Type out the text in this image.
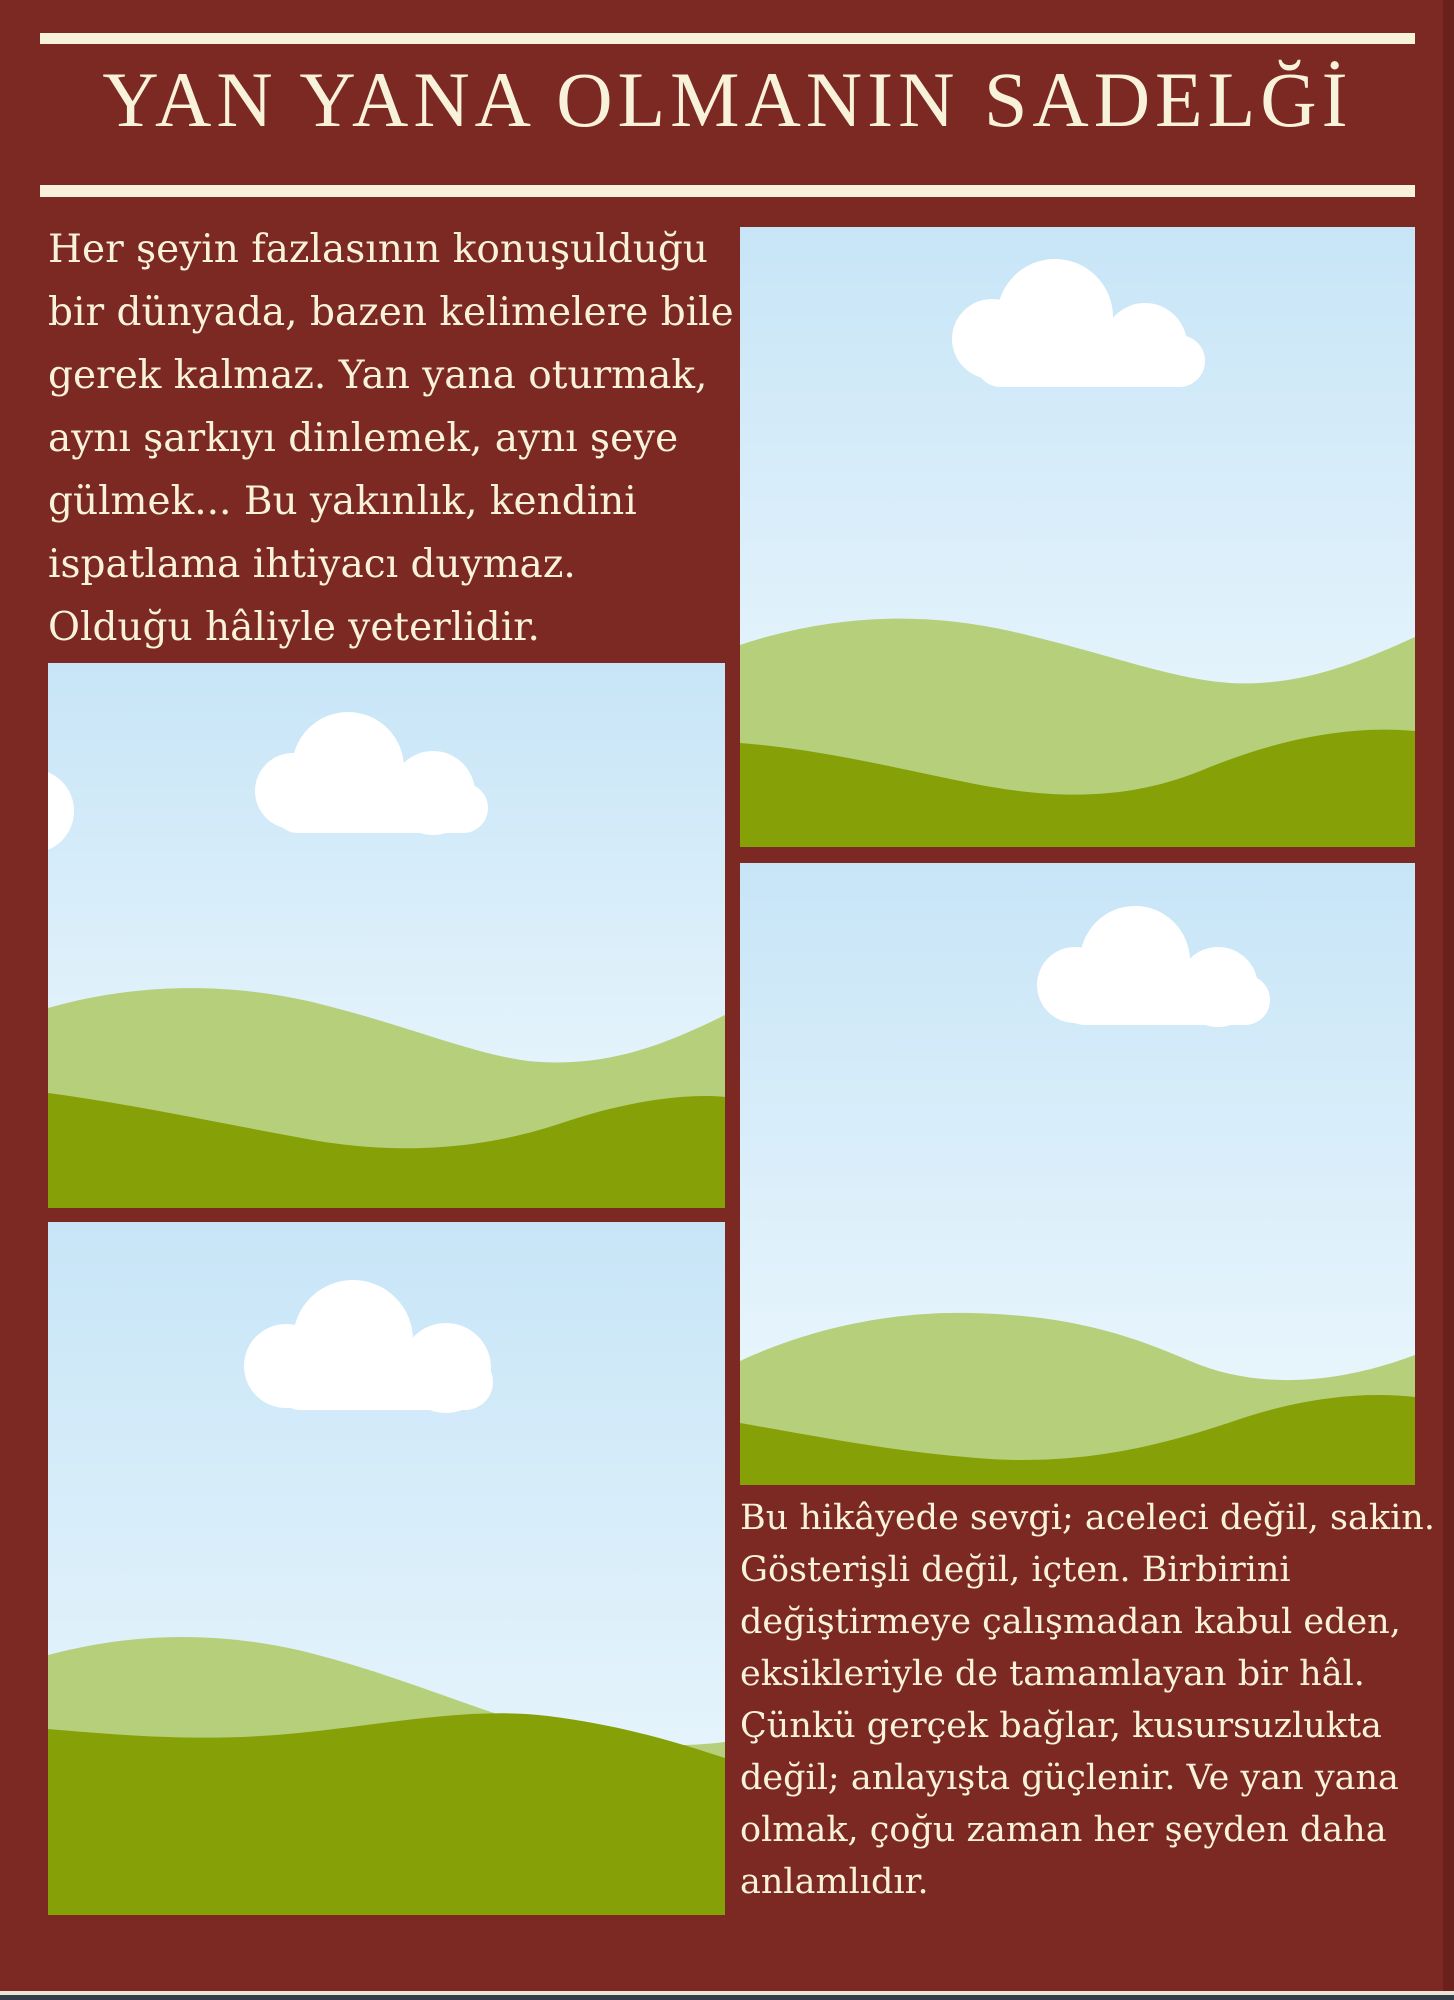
YAN YANA OLMANIN SADELĞİ
Her şeyin fazlasının konuşulduğu
bir dünyada, bazen kelimelere bile
gerek kalmaz. Yan yana oturmak,
aynı şarkıyı dinlemek, aynı şeye
gülmek... Bu yakınlık, kendini
ispatlama ihtiyacı duymaz.
Olduğu hâliyle yeterlidir.
Bu hikâyede sevgi; aceleci değil, sakin.
Gösterişli değil, içten. Birbirini
değiştirmeye çalışmadan kabul eden,
eksikleriyle de tamamlayan bir hâl.
Çünkü gerçek bağlar, kusursuzlukta
değil; anlayışta güçlenir. Ve yan yana
olmak, çoğu zaman her şeyden daha
anlamlıdır.
